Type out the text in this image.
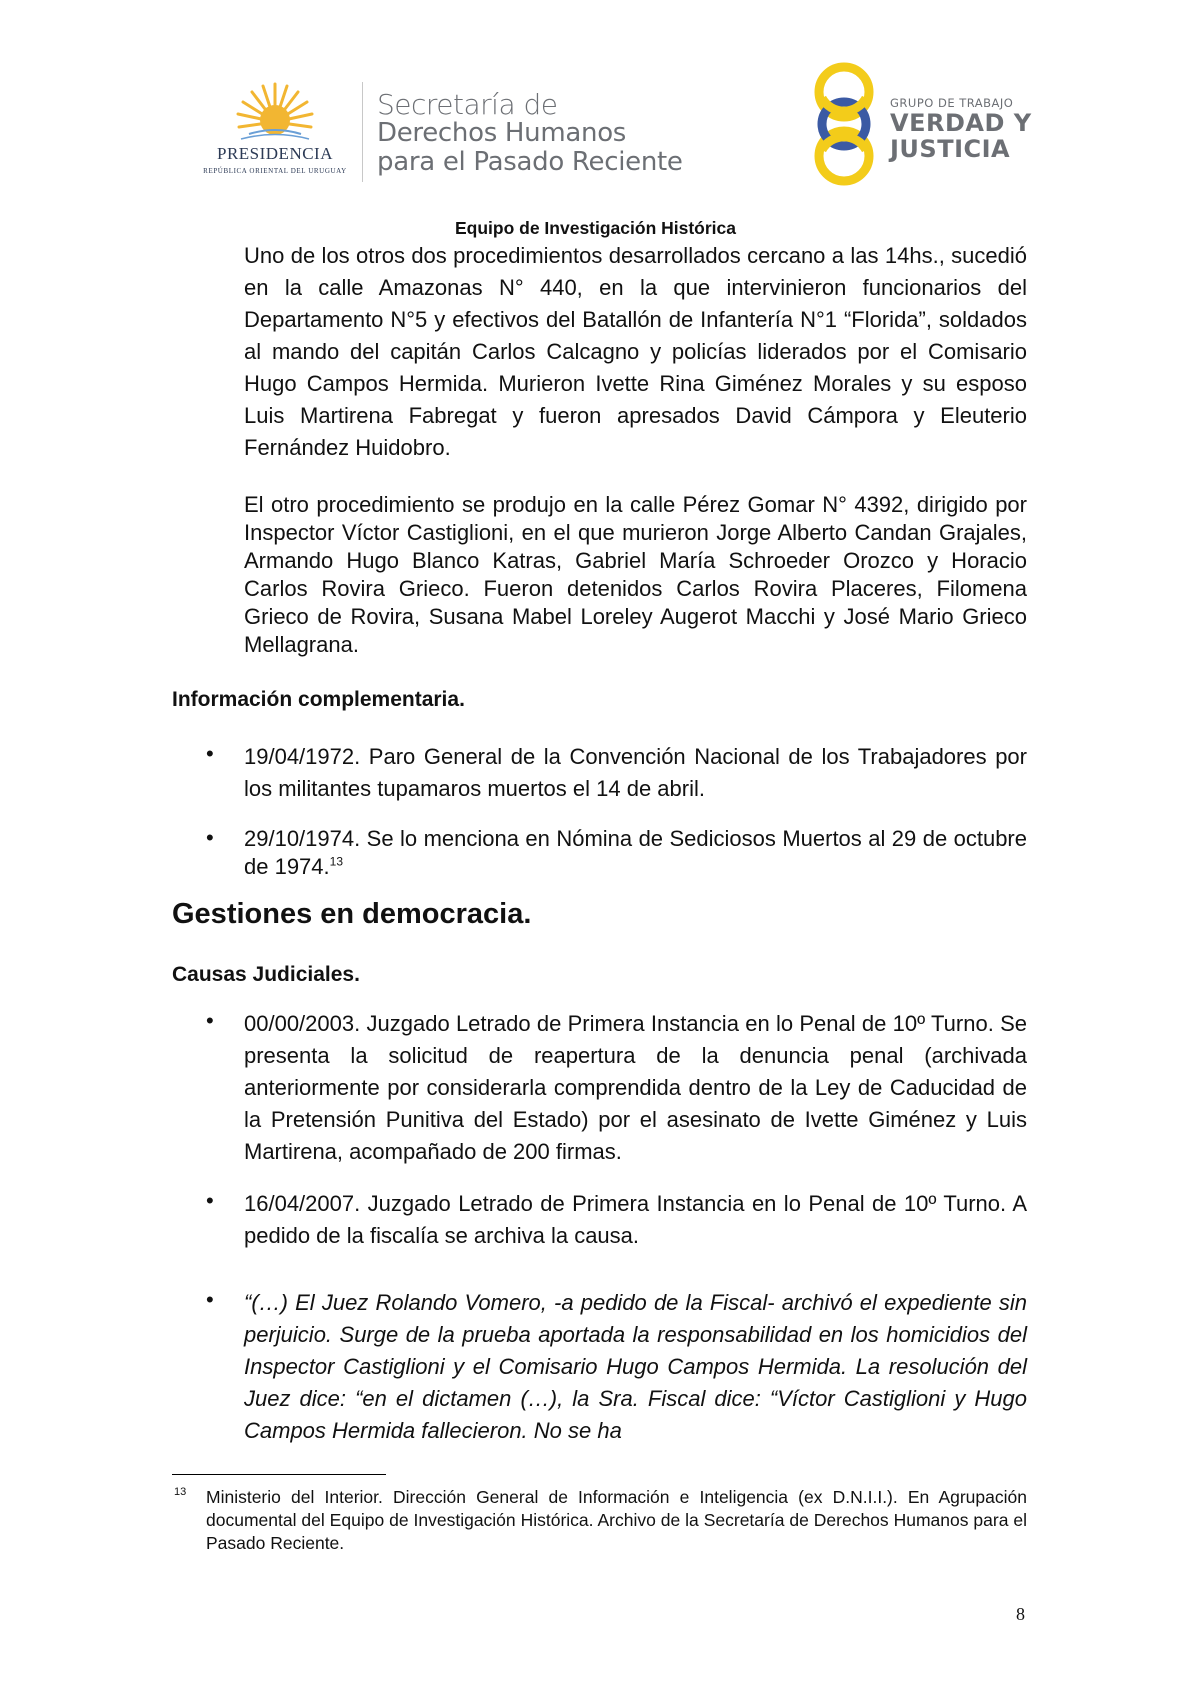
PRESIDENCIA
REPÚBLICA ORIENTAL DEL URUGUAY
Secretaría de
Derechos Humanos
para el Pasado Reciente
GRUPO DE TRABAJO
VERDAD Y
JUSTICIA
Equipo de Investigación Histórica

Uno de los otros dos procedimientos desarrollados cercano a las 14hs., sucedió en la calle Amazonas N° 440, en la que intervinieron funcionarios del Departamento N°5 y efectivos del Batallón de Infantería N°1 “Florida”, soldados al mando del capitán Carlos Calcagno y policías liderados por el Comisario Hugo Campos Hermida. Murieron Ivette Rina Giménez Morales y su esposo Luis Martirena Fabregat y fueron apresados David Cámpora y Eleuterio Fernández Huidobro.

El otro procedimiento se produjo en la calle Pérez Gomar N° 4392, dirigido por Inspector Víctor Castiglioni, en el que murieron Jorge Alberto Candan Grajales, Armando Hugo Blanco Katras, Gabriel María Schroeder Orozco y Horacio Carlos Rovira Grieco. Fueron detenidos Carlos Rovira Placeres, Filomena Grieco de Rovira, Susana Mabel Loreley Augerot Macchi y José Mario Grieco Mellagrana.

Información complementaria.
• 19/04/1972. Paro General de la Convención Nacional de los Trabajadores por los militantes tupamaros muertos el 14 de abril.

• 29/10/1974. Se lo menciona en Nómina de Sediciosos Muertos al 29 de octubre de 1974.13

Gestiones en democracia.
Causas Judiciales.
• 00/00/2003. Juzgado Letrado de Primera Instancia en lo Penal de 10º Turno. Se presenta la solicitud de reapertura de la denuncia penal (archivada anteriormente por considerarla comprendida dentro de la Ley de Caducidad de la Pretensión Punitiva del Estado) por el asesinato de Ivette Giménez y Luis Martirena, acompañado de 200 firmas.

• 16/04/2007. Juzgado Letrado de Primera Instancia en lo Penal de 10º Turno. A pedido de la fiscalía se archiva la causa.

• “(…) El Juez Rolando Vomero, -a pedido de la Fiscal- archivó el expediente sin perjuicio. Surge de la prueba aportada la responsabilidad en los homicidios del Inspector Castiglioni y el Comisario Hugo Campos Hermida. La resolución del Juez dice: “en el dictamen (…), la Sra. Fiscal dice: “Víctor Castiglioni y Hugo Campos Hermida fallecieron. No se ha

13 Ministerio del Interior. Dirección General de Información e Inteligencia (ex D.N.I.I.). En Agrupación documental del Equipo de Investigación Histórica. Archivo de la Secretaría de Derechos Humanos para el Pasado Reciente.

8
